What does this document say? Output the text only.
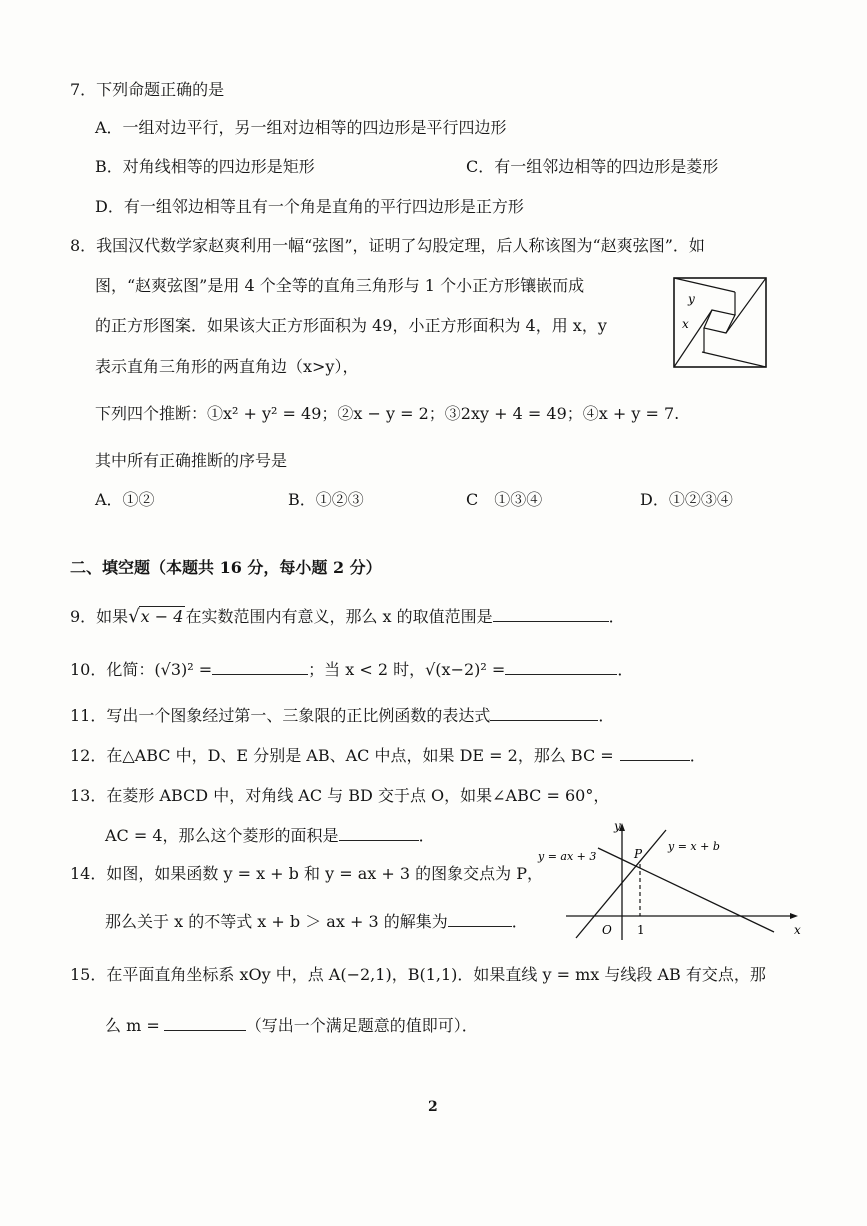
7．下列命题正确的是
A．一组对边平行，另一组对边相等的四边形是平行四边形
B．对角线相等的四边形是矩形	C．有一组邻边相等的四边形是菱形
D．有一组邻边相等且有一个角是直角的平行四边形是正方形
8．我国汉代数学家赵爽利用一幅“弦图”，证明了勾股定理，后人称该图为“赵爽弦图”．如
图，“赵爽弦图”是用 4 个全等的直角三角形与 1 个小正方形镶嵌而成
的正方形图案．如果该大正方形面积为 49，小正方形面积为 4，用 x，y
表示直角三角形的两直角边（x>y），
下列四个推断：①x² + y² = 49；②x − y = 2；③2xy + 4 = 49；④x + y = 7.
其中所有正确推断的序号是
A．①②	B．①②③	C　①③④	D．①②③④
y
x
二、填空题（本题共 16 分，每小题 2 分）
9．如果√x − 4 在实数范围内有意义，那么 x 的取值范围是	．
10．化简：(√3)² =	；当 x < 2 时，√(x−2)² =	．
11．写出一个图象经过第一、三象限的正比例函数的表达式	．
12．在△ABC 中，D、E 分别是 AB、AC 中点，如果 DE = 2，那么 BC =	．
13．在菱形 ABCD 中，对角线 AC 与 BD 交于点 O，如果∠ABC = 60°，
AC = 4，那么这个菱形的面积是	．
14．如图，如果函数 y = x + b 和 y = ax + 3 的图象交点为 P，
那么关于 x 的不等式 x + b ＞ ax + 3 的解集为	．
y
x
O 1
P
y = ax + 3
y = x + b
15．在平面直角坐标系 xOy 中，点 A(−2,1)，B(1,1)．如果直线 y = mx 与线段 AB 有交点，那
么 m =	（写出一个满足题意的值即可）．
2
